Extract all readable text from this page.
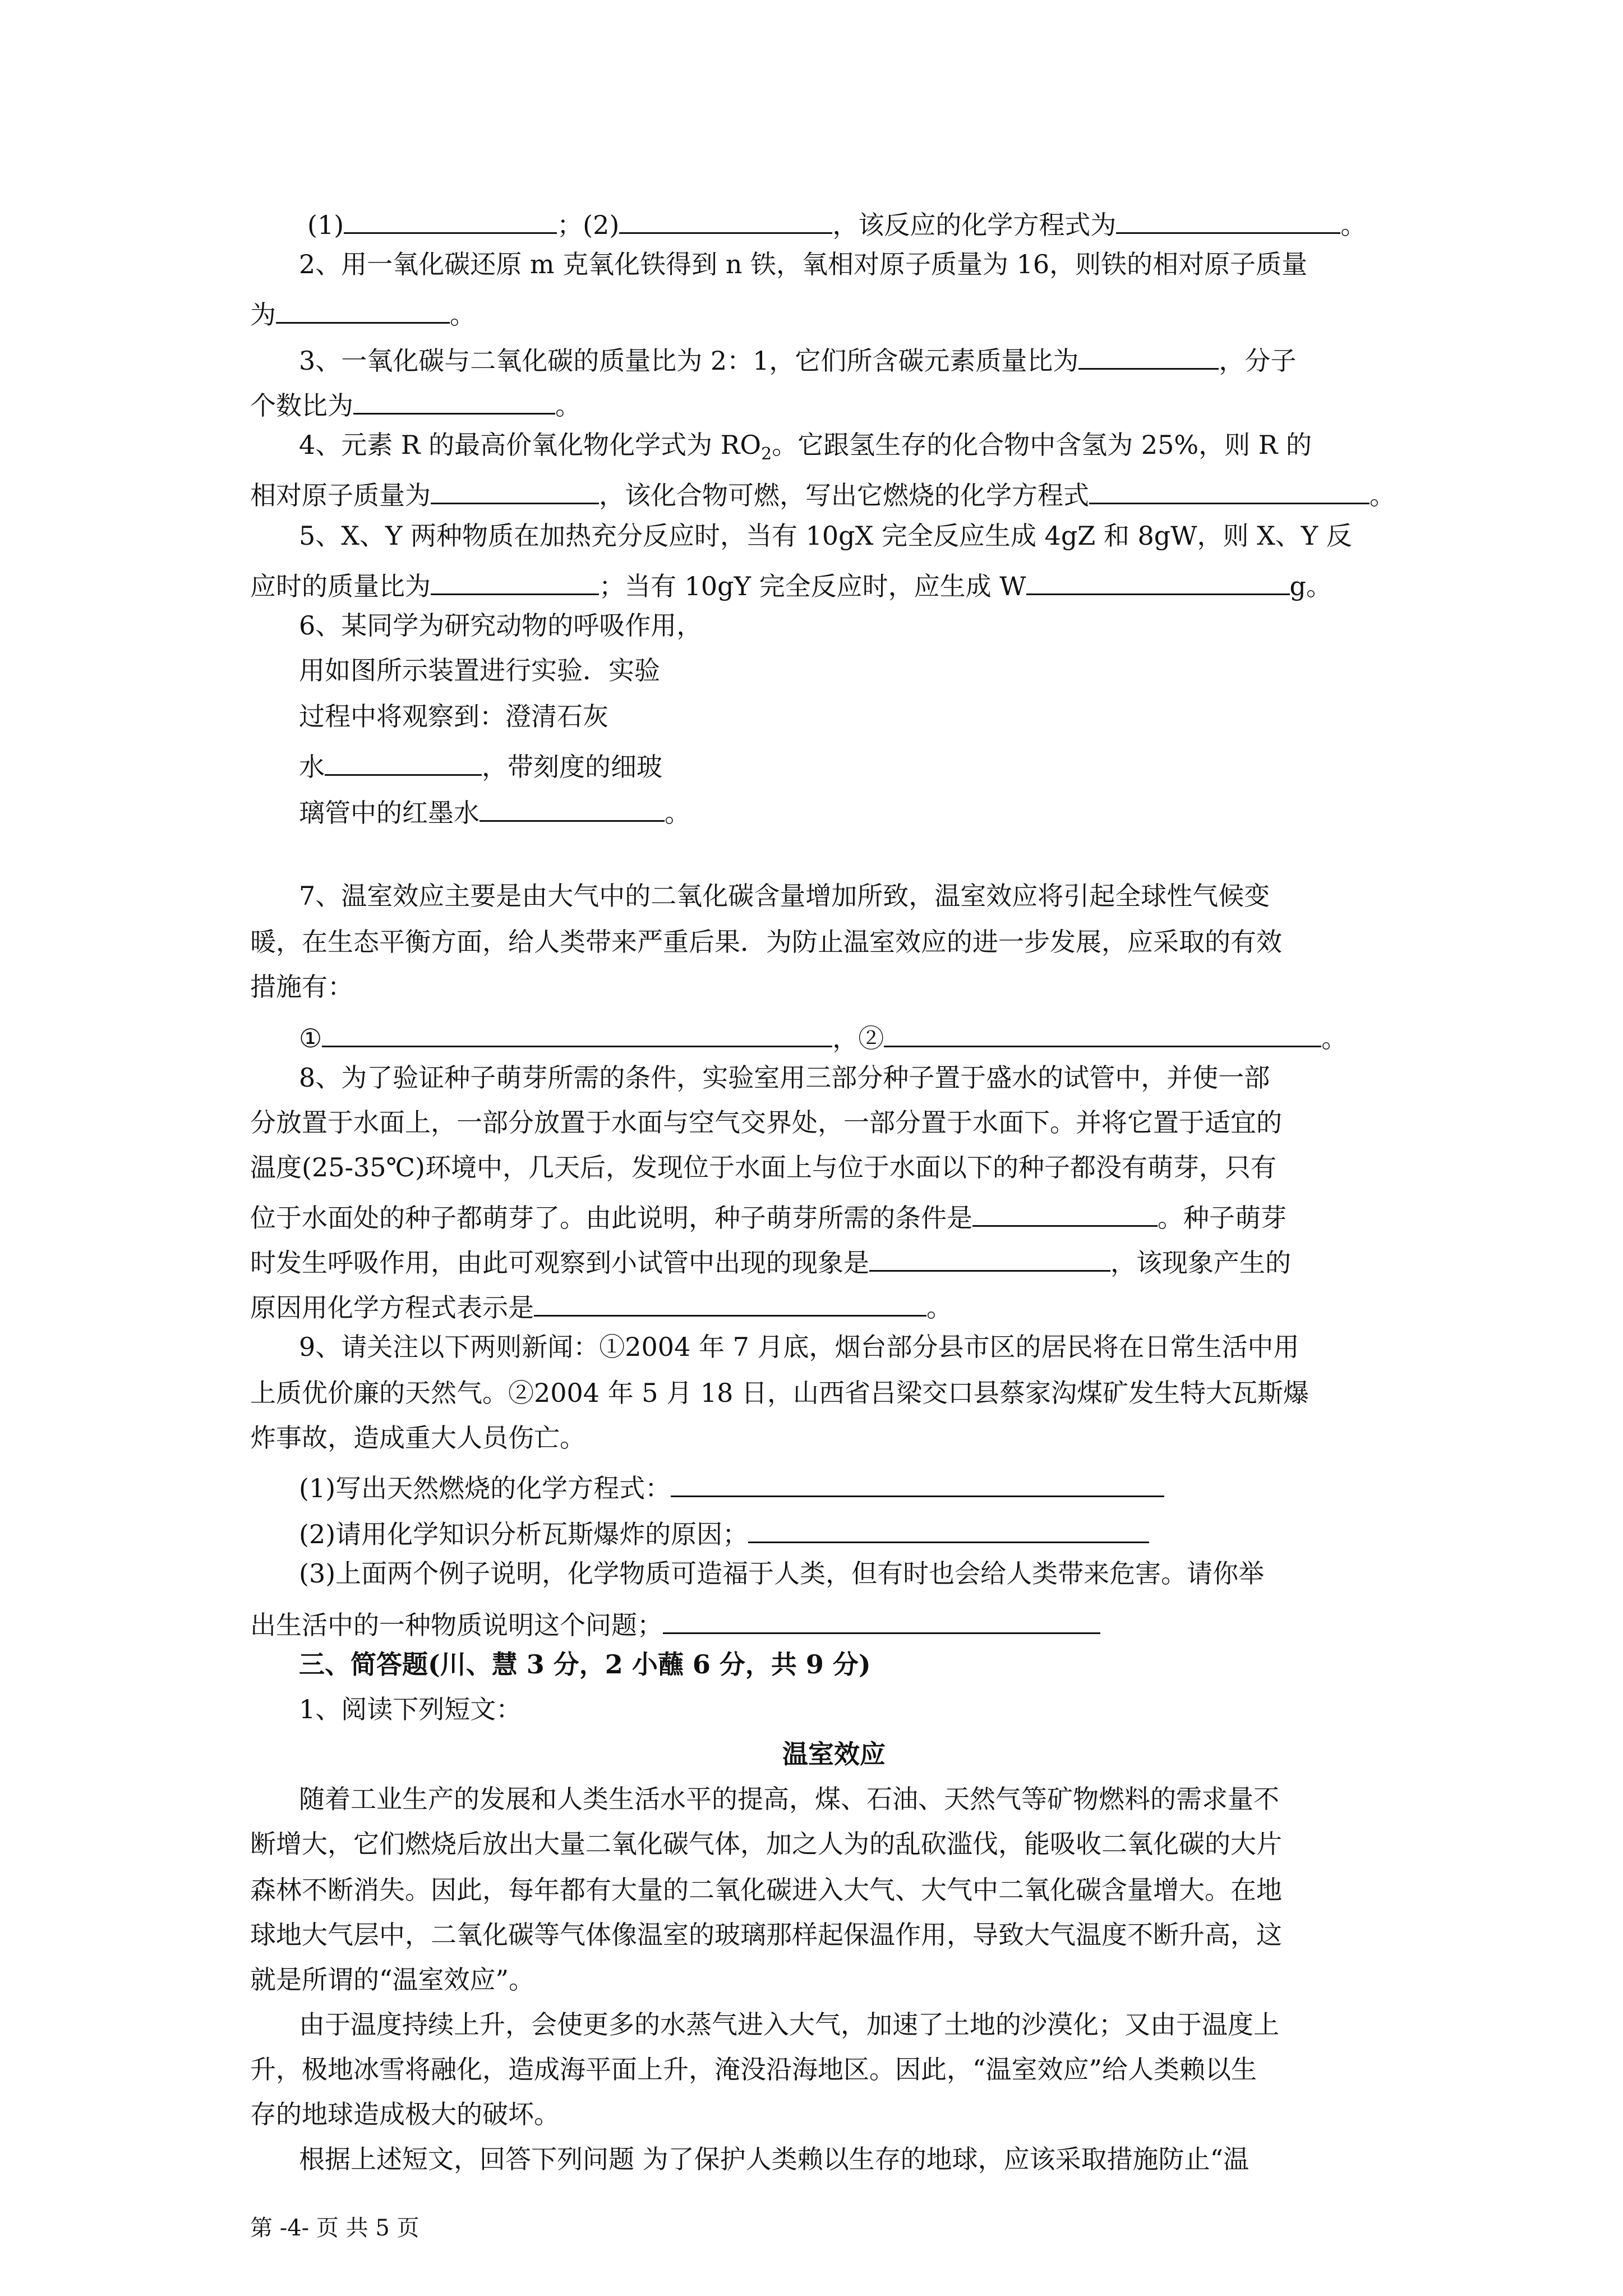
(1)	；(2)	，该反应的化学方程式为	。
2、用一氧化碳还原 m 克氧化铁得到 n 铁，氧相对原子质量为 16，则铁的相对原子质量
为	。
3、一氧化碳与二氧化碳的质量比为 2：1，它们所含碳元素质量比为	，分子
个数比为	。
4、元素 R 的最高价氧化物化学式为 $RO_2$。它跟氢生存的化合物中含氢为 25%，则 R 的
相对原子质量为	，该化合物可燃，写出它燃烧的化学方程式	。
5、X、Y 两种物质在加热充分反应时，当有 10gX 完全反应生成 4gZ 和 8gW，则 X、Y 反
应时的质量比为	；当有 10gY 完全反应时，应生成 W	g。
6、某同学为研究动物的呼吸作用，
用如图所示装置进行实验．实验
过程中将观察到：澄清石灰
水	，带刻度的细玻
璃管中的红墨水	。
7、温室效应主要是由大气中的二氧化碳含量增加所致，温室效应将引起全球性气候变
暖，在生态平衡方面，给人类带来严重后果．为防止温室效应的进一步发展，应采取的有效
措施有：
①	，②	。
8、为了验证种子萌芽所需的条件，实验室用三部分种子置于盛水的试管中，并使一部
分放置于水面上，一部分放置于水面与空气交界处，一部分置于水面下。并将它置于适宜的
温度(25-35℃)环境中，几天后，发现位于水面上与位于水面以下的种子都没有萌芽，只有
位于水面处的种子都萌芽了。由此说明，种子萌芽所需的条件是	。种子萌芽
时发生呼吸作用，由此可观察到小试管中出现的现象是	，该现象产生的
原因用化学方程式表示是	。
9、请关注以下两则新闻：①2004 年 7 月底，烟台部分县市区的居民将在日常生活中用
上质优价廉的天然气。②2004 年 5 月 18 日，山西省吕梁交口县蔡家沟煤矿发生特大瓦斯爆
炸事故，造成重大人员伤亡。
(1)写出天然燃烧的化学方程式：
(2)请用化学知识分析瓦斯爆炸的原因；
(3)上面两个例子说明，化学物质可造福于人类，但有时也会给人类带来危害。请你举
出生活中的一种物质说明这个问题；
三、简答题(川、慧 3 分，2 小蘸 6 分，共 9 分)
1、阅读下列短文：
温室效应
随着工业生产的发展和人类生活水平的提高，煤、石油、天然气等矿物燃料的需求量不
断增大，它们燃烧后放出大量二氧化碳气体，加之人为的乱砍滥伐，能吸收二氧化碳的大片
森林不断消失。因此，每年都有大量的二氧化碳进入大气、大气中二氧化碳含量增大。在地
球地大气层中，二氧化碳等气体像温室的玻璃那样起保温作用，导致大气温度不断升高，这
就是所谓的“温室效应”。
由于温度持续上升，会使更多的水蒸气进入大气，加速了土地的沙漠化；又由于温度上
升，极地冰雪将融化，造成海平面上升，淹没沿海地区。因此，“温室效应”给人类赖以生
存的地球造成极大的破坏。
根据上述短文，回答下列问题 为了保护人类赖以生存的地球，应该采取措施防止“温
第 -4- 页 共 5 页
